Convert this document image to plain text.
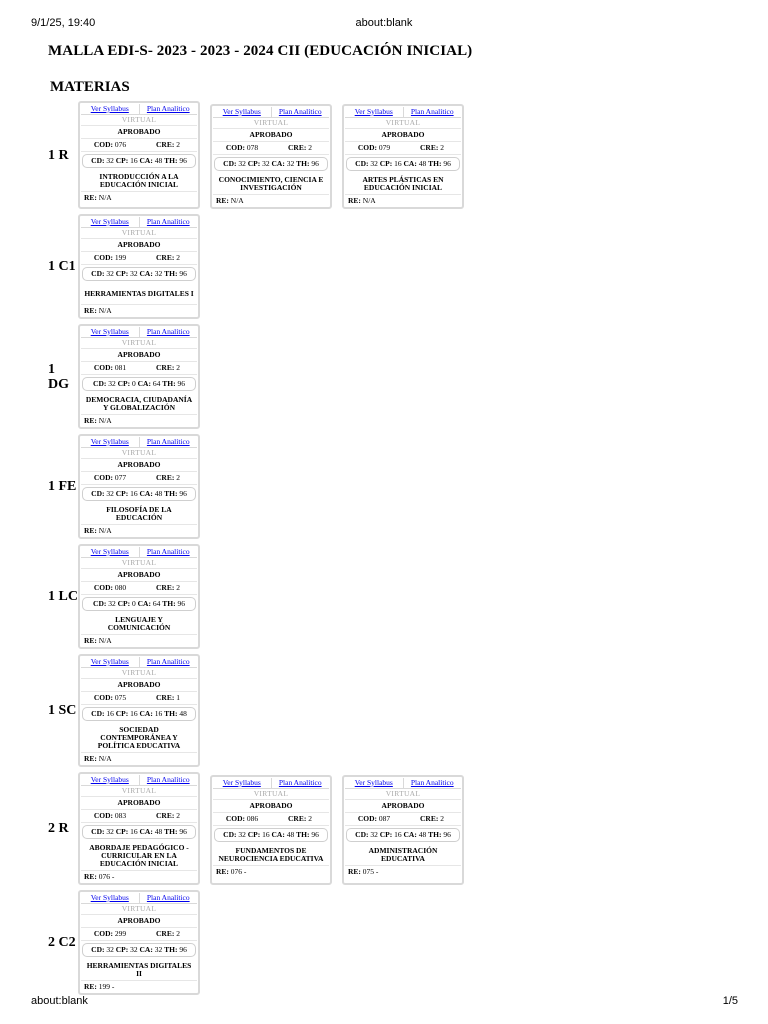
9/1/25, 19:40	about:blank
MALLA EDI-S- 2023 - 2023 - 2024 CII (EDUCACIÓN INICIAL)
MATERIAS
1 R
Ver Syllabus	Plan Analítico
VIRTUAL
APROBADO
COD: 076	CRE: 2
CD: 32 CP: 16 CA: 48 TH: 96
INTRODUCCIÓN A LA EDUCACIÓN INICIAL
RE: N/A
Ver Syllabus	Plan Analítico
VIRTUAL
APROBADO
COD: 078	CRE: 2
CD: 32 CP: 32 CA: 32 TH: 96
CONOCIMIENTO, CIENCIA E INVESTIGACIÓN
RE: N/A
Ver Syllabus	Plan Analítico
VIRTUAL
APROBADO
COD: 079	CRE: 2
CD: 32 CP: 16 CA: 48 TH: 96
ARTES PLÁSTICAS EN EDUCACIÓN INICIAL
RE: N/A
1 C1
Ver Syllabus	Plan Analítico
VIRTUAL
APROBADO
COD: 199	CRE: 2
CD: 32 CP: 32 CA: 32 TH: 96
HERRAMIENTAS DIGITALES I
RE: N/A
1 DG
Ver Syllabus	Plan Analítico
VIRTUAL
APROBADO
COD: 081	CRE: 2
CD: 32 CP: 0 CA: 64 TH: 96
DEMOCRACIA, CIUDADANÍA Y GLOBALIZACIÓN
RE: N/A
1 FE
Ver Syllabus	Plan Analítico
VIRTUAL
APROBADO
COD: 077	CRE: 2
CD: 32 CP: 16 CA: 48 TH: 96
FILOSOFÍA DE LA EDUCACIÓN
RE: N/A
1 LC
Ver Syllabus	Plan Analítico
VIRTUAL
APROBADO
COD: 080	CRE: 2
CD: 32 CP: 0 CA: 64 TH: 96
LENGUAJE Y COMUNICACIÓN
RE: N/A
1 SC
Ver Syllabus	Plan Analítico
VIRTUAL
APROBADO
COD: 075	CRE: 1
CD: 16 CP: 16 CA: 16 TH: 48
SOCIEDAD CONTEMPORÁNEA Y POLÍTICA EDUCATIVA
RE: N/A
2 R
Ver Syllabus	Plan Analítico
VIRTUAL
APROBADO
COD: 083	CRE: 2
CD: 32 CP: 16 CA: 48 TH: 96
ABORDAJE PEDAGÓGICO - CURRICULAR EN LA EDUCACIÓN INICIAL
RE: 076 -
Ver Syllabus	Plan Analítico
VIRTUAL
APROBADO
COD: 086	CRE: 2
CD: 32 CP: 16 CA: 48 TH: 96
FUNDAMENTOS DE NEUROCIENCIA EDUCATIVA
RE: 076 -
Ver Syllabus	Plan Analítico
VIRTUAL
APROBADO
COD: 087	CRE: 2
CD: 32 CP: 16 CA: 48 TH: 96
ADMINISTRACIÓN EDUCATIVA
RE: 075 -
2 C2
Ver Syllabus	Plan Analítico
VIRTUAL
APROBADO
COD: 299	CRE: 2
CD: 32 CP: 32 CA: 32 TH: 96
HERRAMIENTAS DIGITALES II
RE: 199 -
about:blank	1/5
